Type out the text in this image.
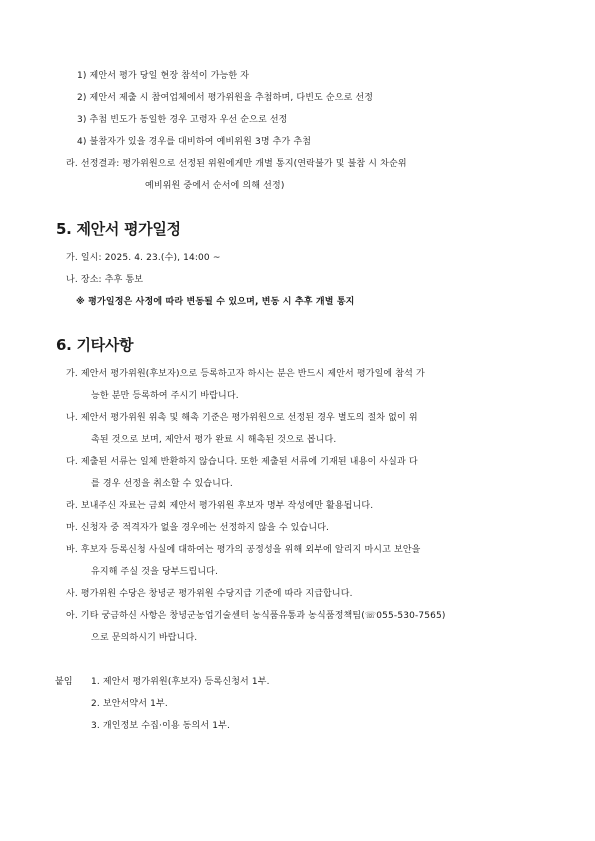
1) 제안서 평가 당일 현장 참석이 가능한 자
2) 제안서 제출 시 참여업체에서 평가위원을 추첨하며, 다빈도 순으로 선정
3) 추첨 빈도가 동일한 경우 고령자 우선 순으로 선정
4) 불참자가 있을 경우를 대비하여 예비위원 3명 추가 추첨
라. 선정결과: 평가위원으로 선정된 위원에게만 개별 통지(연락불가 및 불참 시 차순위
예비위원 중에서 순서에 의해 선정)
5. 제안서 평가일정
가. 일시: 2025. 4. 23.(수), 14:00 ~
나. 장소: 추후 통보
※ 평가일정은 사정에 따라 변동될 수 있으며, 변동 시 추후 개별 통지
6. 기타사항
가. 제안서 평가위원(후보자)으로 등록하고자 하시는 분은 반드시 제안서 평가일에 참석 가
능한 분만 등록하여 주시기 바랍니다.
나. 제안서 평가위원 위촉 및 해촉 기준은 평가위원으로 선정된 경우 별도의 절차 없이 위
촉된 것으로 보며, 제안서 평가 완료 시 해촉된 것으로 봅니다.
다. 제출된 서류는 일체 반환하지 않습니다. 또한 제출된 서류에 기재된 내용이 사실과 다
를 경우 선정을 취소할 수 있습니다.
라. 보내주신 자료는 금회 제안서 평가위원 후보자 명부 작성에만 활용됩니다.
마. 신청자 중 적격자가 없을 경우에는 선정하지 않을 수 있습니다.
바. 후보자 등록신청 사실에 대하여는 평가의 공정성을 위해 외부에 알리지 마시고 보안을
유지해 주실 것을 당부드립니다.
사. 평가위원 수당은 창녕군 평가위원 수당지급 기준에 따라 지급합니다.
아. 기타 궁금하신 사항은 창녕군농업기술센터 농식품유통과 농식품정책팀(☏055-530-7565)
으로 문의하시기 바랍니다.
붙임 1. 제안서 평가위원(후보자) 등록신청서 1부.
2. 보안서약서 1부.
3. 개인정보 수집·이용 동의서 1부.
